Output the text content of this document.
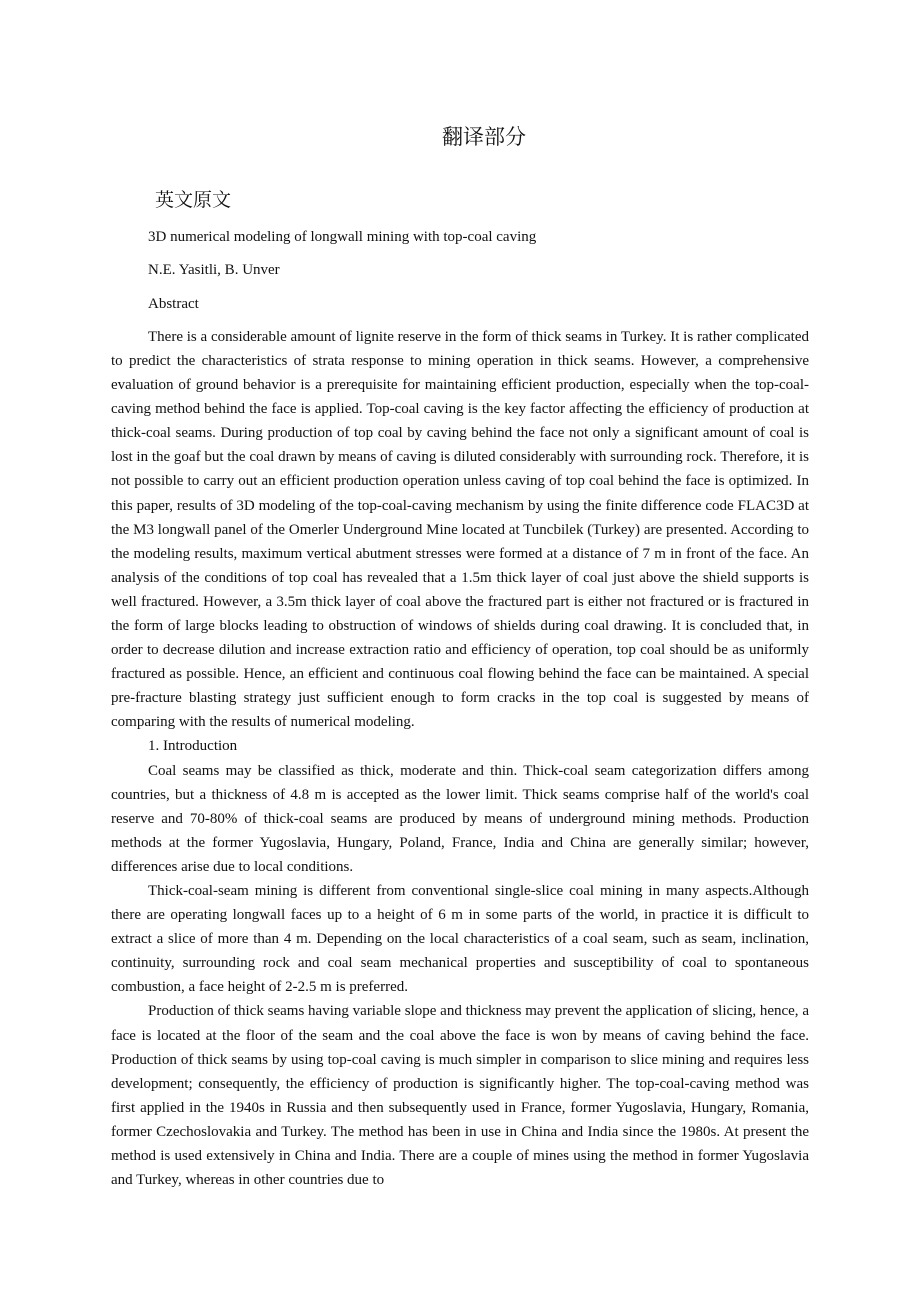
翻译部分
英文原文

3D numerical modeling of longwall mining with top-coal caving

N.E. Yasitli, B. Unver

Abstract

There is a considerable amount of lignite reserve in the form of thick seams in Turkey. It is rather complicated to predict the characteristics of strata response to mining operation in thick seams. However, a comprehensive evaluation of ground behavior is a prerequisite for maintaining efficient production, especially when the top-coal-caving method behind the face is applied. Top-coal caving is the key factor affecting the efficiency of production at thick-coal seams. During production of top coal by caving behind the face not only a significant amount of coal is lost in the goaf but the coal drawn by means of caving is diluted considerably with surrounding rock. Therefore, it is not possible to carry out an efficient production operation unless caving of top coal behind the face is optimized. In this paper, results of 3D modeling of the top-coal-caving mechanism by using the finite difference code FLAC3D at the M3 longwall panel of the Omerler Underground Mine located at Tuncbilek (Turkey) are presented. According to the modeling results, maximum vertical abutment stresses were formed at a distance of 7 m in front of the face. An analysis of the conditions of top coal has revealed that a 1.5m thick layer of coal just above the shield supports is well fractured. However, a 3.5m thick layer of coal above the fractured part is either not fractured or is fractured in the form of large blocks leading to obstruction of windows of shields during coal drawing. It is concluded that, in order to decrease dilution and increase extraction ratio and efficiency of operation, top coal should be as uniformly fractured as possible. Hence, an efficient and continuous coal flowing behind the face can be maintained. A special pre-fracture blasting strategy just sufficient enough to form cracks in the top coal is suggested by means of comparing with the results of numerical modeling.

1. Introduction

Coal seams may be classified as thick, moderate and thin. Thick-coal seam categorization differs among countries, but a thickness of 4.8 m is accepted as the lower limit. Thick seams comprise half of the world's coal reserve and 70-80% of thick-coal seams are produced by means of underground mining methods. Production methods at the former Yugoslavia, Hungary, Poland, France, India and China are generally similar; however, differences arise due to local conditions.

Thick-coal-seam mining is different from conventional single-slice coal mining in many aspects.Although there are operating longwall faces up to a height of 6 m in some parts of the world, in practice it is difficult to extract a slice of more than 4 m. Depending on the local characteristics of a coal seam, such as seam, inclination, continuity, surrounding rock and coal seam mechanical properties and susceptibility of coal to spontaneous combustion, a face height of 2-2.5 m is preferred.

Production of thick seams having variable slope and thickness may prevent the application of slicing, hence, a face is located at the floor of the seam and the coal above the face is won by means of caving behind the face. Production of thick seams by using top-coal caving is much simpler in comparison to slice mining and requires less development; consequently, the efficiency of production is significantly higher. The top-coal-caving method was first applied in the 1940s in Russia and then subsequently used in France, former Yugoslavia, Hungary, Romania, former Czechoslovakia and Turkey. The method has been in use in China and India since the 1980s. At present the method is used extensively in China and India. There are a couple of mines using the method in former Yugoslavia and Turkey, whereas in other countries due to
